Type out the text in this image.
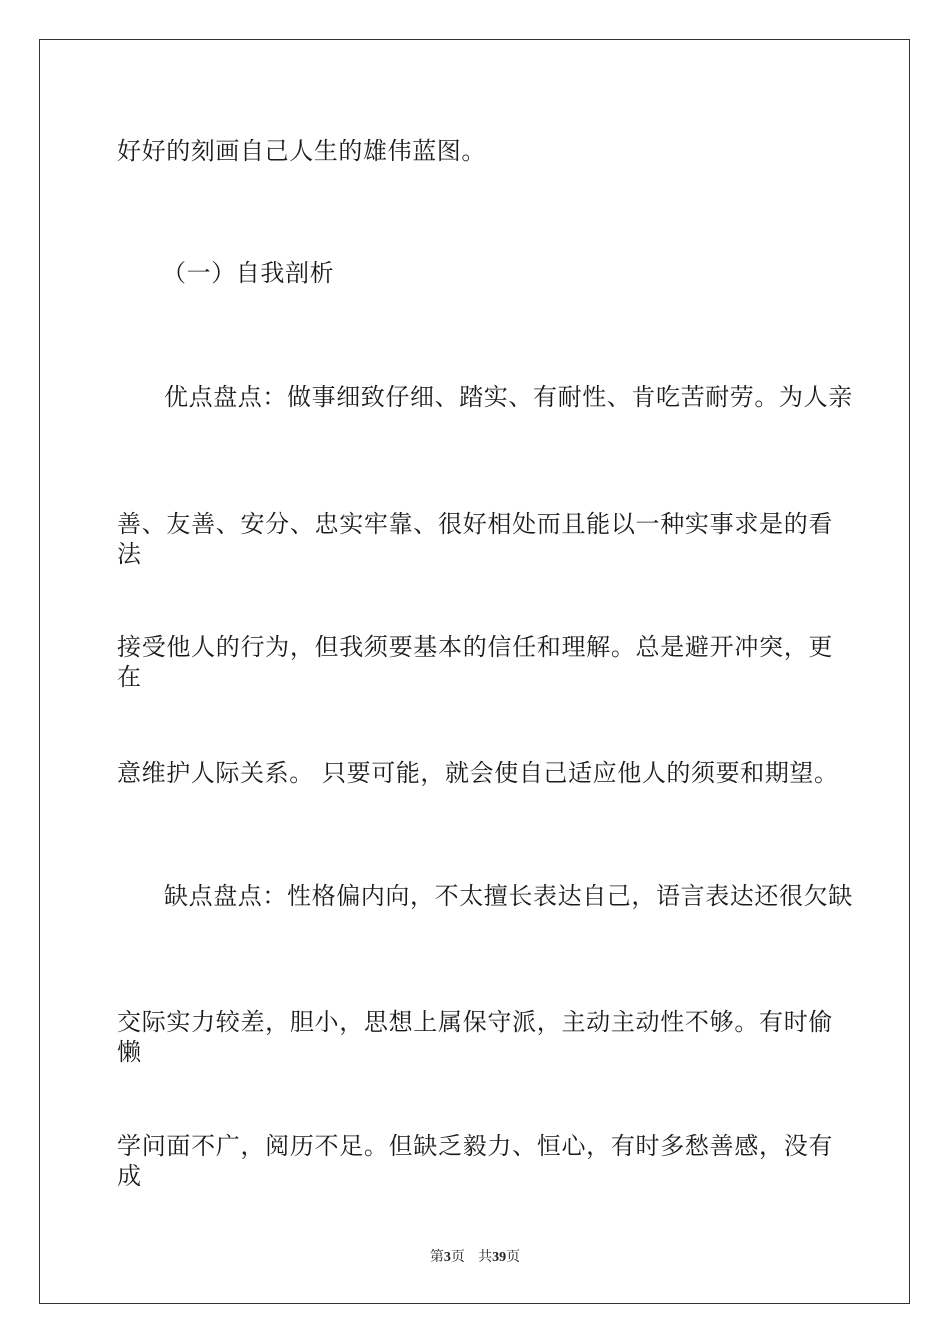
好好的刻画自己人生的雄伟蓝图。
（一）自我剖析
优点盘点：做事细致仔细、踏实、有耐性、肯吃苦耐劳。为人亲
善、友善、安分、忠实牢靠、很好相处而且能以一种实事求是的看法
接受他人的行为，但我须要基本的信任和理解。总是避开冲突，更在
意维护人际关系。 只要可能，就会使自己适应他人的须要和期望。
缺点盘点：性格偏内向，不太擅长表达自己，语言表达还很欠缺
交际实力较差，胆小，思想上属保守派，主动主动性不够。有时偷懒
学问面不广，阅历不足。但缺乏毅力、恒心，有时多愁善感，没有成
第3页 共39页
